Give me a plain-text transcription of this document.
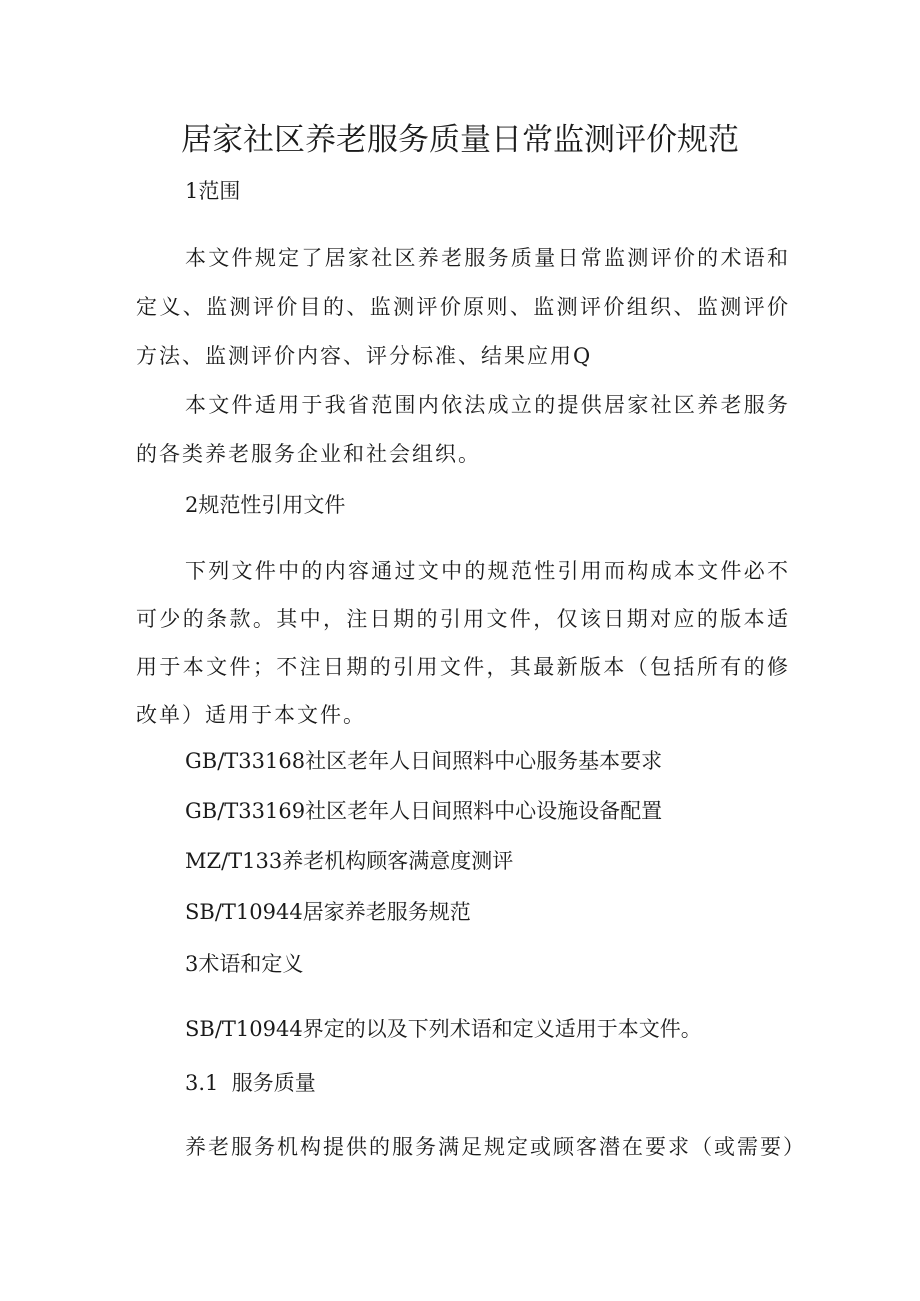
居家社区养老服务质量日常监测评价规范

1范围

本文件规定了居家社区养老服务质量日常监测评价的术语和

定义、监测评价目的、监测评价原则、监测评价组织、监测评价

方法、监测评价内容、评分标准、结果应用Q

本文件适用于我省范围内依法成立的提供居家社区养老服务

的各类养老服务企业和社会组织。

2规范性引用文件

下列文件中的内容通过文中的规范性引用而构成本文件必不

可少的条款。其中，注日期的引用文件，仅该日期对应的版本适

用于本文件；不注日期的引用文件，其最新版本（包括所有的修

改单）适用于本文件。

GB/T33168社区老年人日间照料中心服务基本要求

GB/T33169社区老年人日间照料中心设施设备配置

MZ/T133养老机构顾客满意度测评

SB/T10944居家养老服务规范

3术语和定义

SB/T10944界定的以及下列术语和定义适用于本文件。

3.1  服务质量

养老服务机构提供的服务满足规定或顾客潜在要求（或需要）
